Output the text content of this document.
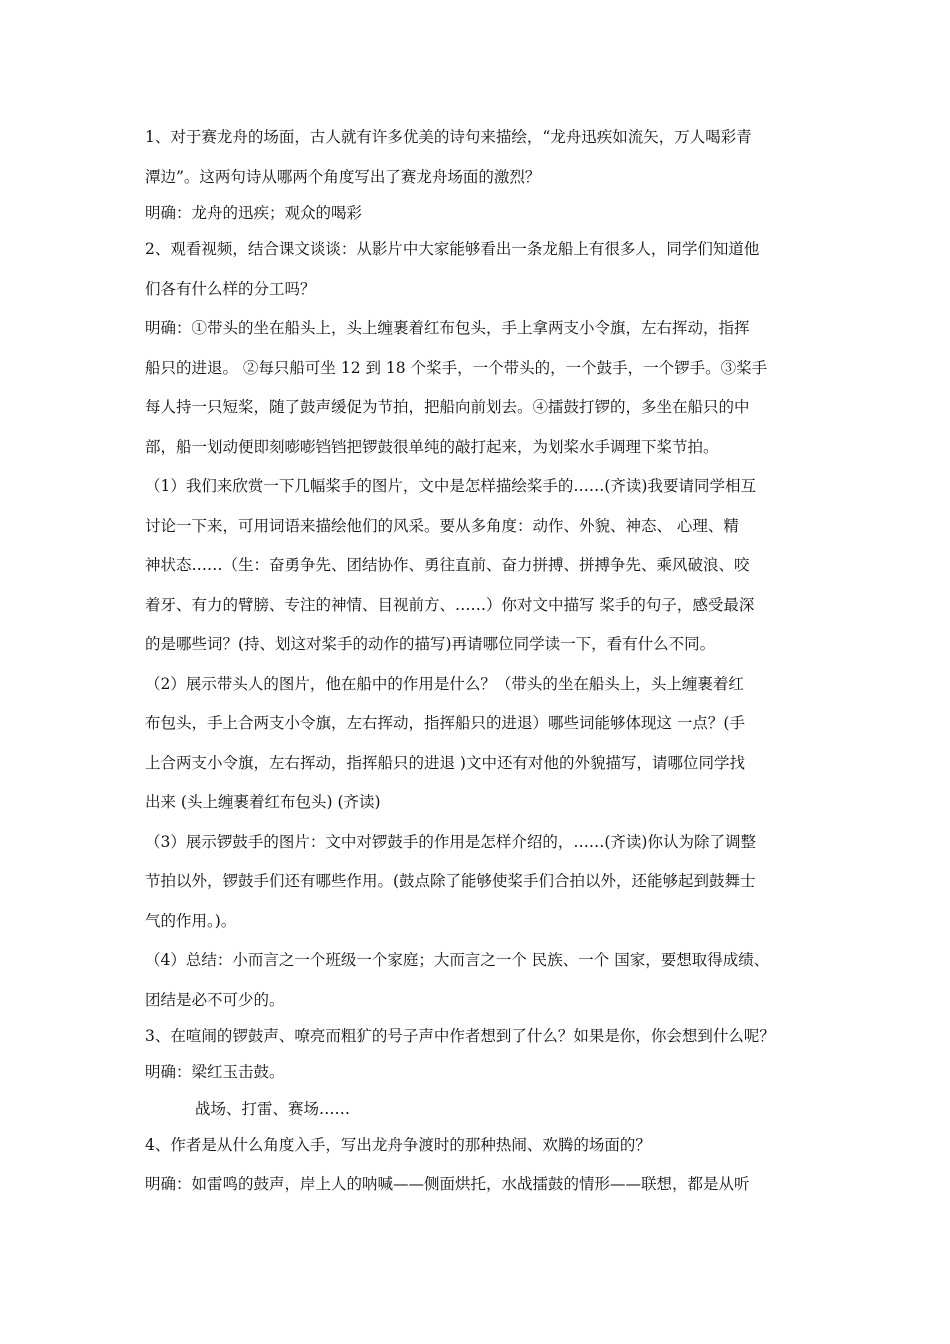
1、对于赛龙舟的场面，古人就有许多优美的诗句来描绘，“龙舟迅疾如流矢，万人喝彩青

潭边”。这两句诗从哪两个角度写出了赛龙舟场面的激烈？

明确：龙舟的迅疾；观众的喝彩

2、观看视频，结合课文谈谈：从影片中大家能够看出一条龙船上有很多人，同学们知道他

们各有什么样的分工吗？

明确：①带头的坐在船头上，头上缠裹着红布包头，手上拿两支小令旗，左右挥动，指挥

船只的进退。 ②每只船可坐 12 到 18 个桨手，一个带头的，一个鼓手，一个锣手。③桨手

每人持一只短桨，随了鼓声缓促为节拍，把船向前划去。④擂鼓打锣的，多坐在船只的中

部，船一划动便即刻嘭嘭铛铛把锣鼓很单纯的敲打起来，为划桨水手调理下桨节拍。

（1）我们来欣赏一下几幅桨手的图片，文中是怎样描绘桨手的……(齐读)我要请同学相互

讨论一下来，可用词语来描绘他们的风采。要从多角度：动作、外貌、神态、 心理、精

神状态……（生：奋勇争先、团结协作、勇往直前、奋力拼搏、拼搏争先、乘风破浪、咬

着牙、有力的臂膀、专注的神情、目视前方、……）你对文中描写 桨手的句子，感受最深

的是哪些词？(持、划这对桨手的动作的描写)再请哪位同学读一下，看有什么不同。

（2）展示带头人的图片，他在船中的作用是什么？（带头的坐在船头上，头上缠裹着红

布包头，手上合两支小令旗，左右挥动，指挥船只的进退）哪些词能够体现这 一点？(手

上合两支小令旗，左右挥动，指挥船只的进退 )文中还有对他的外貌描写，请哪位同学找

出来 (头上缠裹着红布包头) (齐读)

（3）展示锣鼓手的图片：文中对锣鼓手的作用是怎样介绍的，……(齐读)你认为除了调整

节拍以外，锣鼓手们还有哪些作用。(鼓点除了能够使桨手们合拍以外，还能够起到鼓舞士

气的作用。)。

（4）总结：小而言之一个班级一个家庭；大而言之一个 民族、一个 国家，要想取得成绩、

团结是必不可少的。

3、在喧闹的锣鼓声、嘹亮而粗犷的号子声中作者想到了什么？如果是你，你会想到什么呢？

明确：梁红玉击鼓。

战场、打雷、赛场……

4、作者是从什么角度入手，写出龙舟争渡时的那种热闹、欢腾的场面的？

明确：如雷鸣的鼓声，岸上人的呐喊——侧面烘托，水战擂鼓的情形——联想，都是从听
